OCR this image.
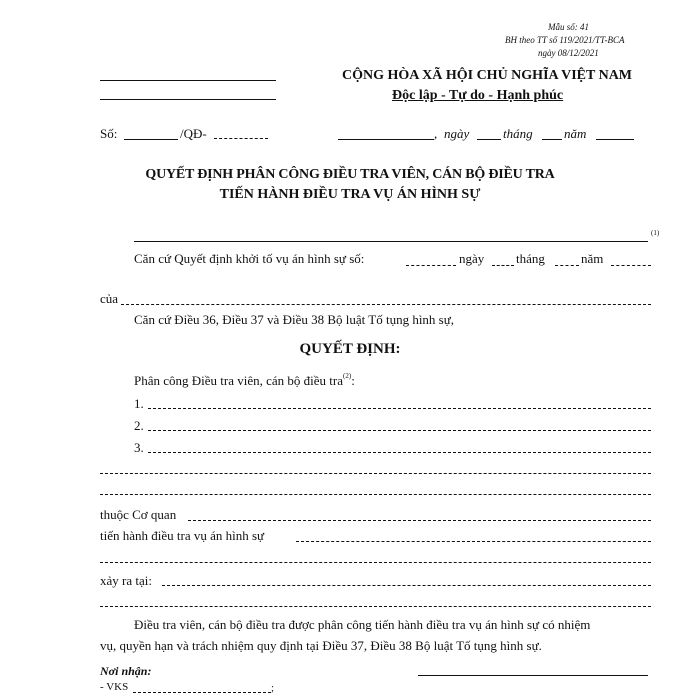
Mẫu số: 41
BH theo TT số 119/2021/TT-BCA
ngày 08/12/2021
CỘNG HÒA XÃ HỘI CHỦ NGHĨA VIỆT NAM
Độc lập - Tự do - Hạnh phúc
Số:	/QĐ-	, ngày	tháng năm
QUYẾT ĐỊNH PHÂN CÔNG ĐIỀU TRA VIÊN, CÁN BỘ ĐIỀU TRA
TIẾN HÀNH ĐIỀU TRA VỤ ÁN HÌNH SỰ
(1)
Căn cứ Quyết định khởi tố vụ án hình sự số:	ngày tháng	năm
của
Căn cứ Điều 36, Điều 37 và Điều 38 Bộ luật Tố tụng hình sự,
QUYẾT ĐỊNH:
Phân công Điều tra viên, cán bộ điều tra$^{(2)}$:
1.
2.
3.
thuộc Cơ quan
tiến hành điều tra vụ án hình sự
xảy ra tại:
Điều tra viên, cán bộ điều tra được phân công tiến hành điều tra vụ án hình sự có nhiệm
vụ, quyền hạn và trách nhiệm quy định tại Điều 37, Điều 38 Bộ luật Tố tụng hình sự.
Nơi nhận:
- VKS	;
